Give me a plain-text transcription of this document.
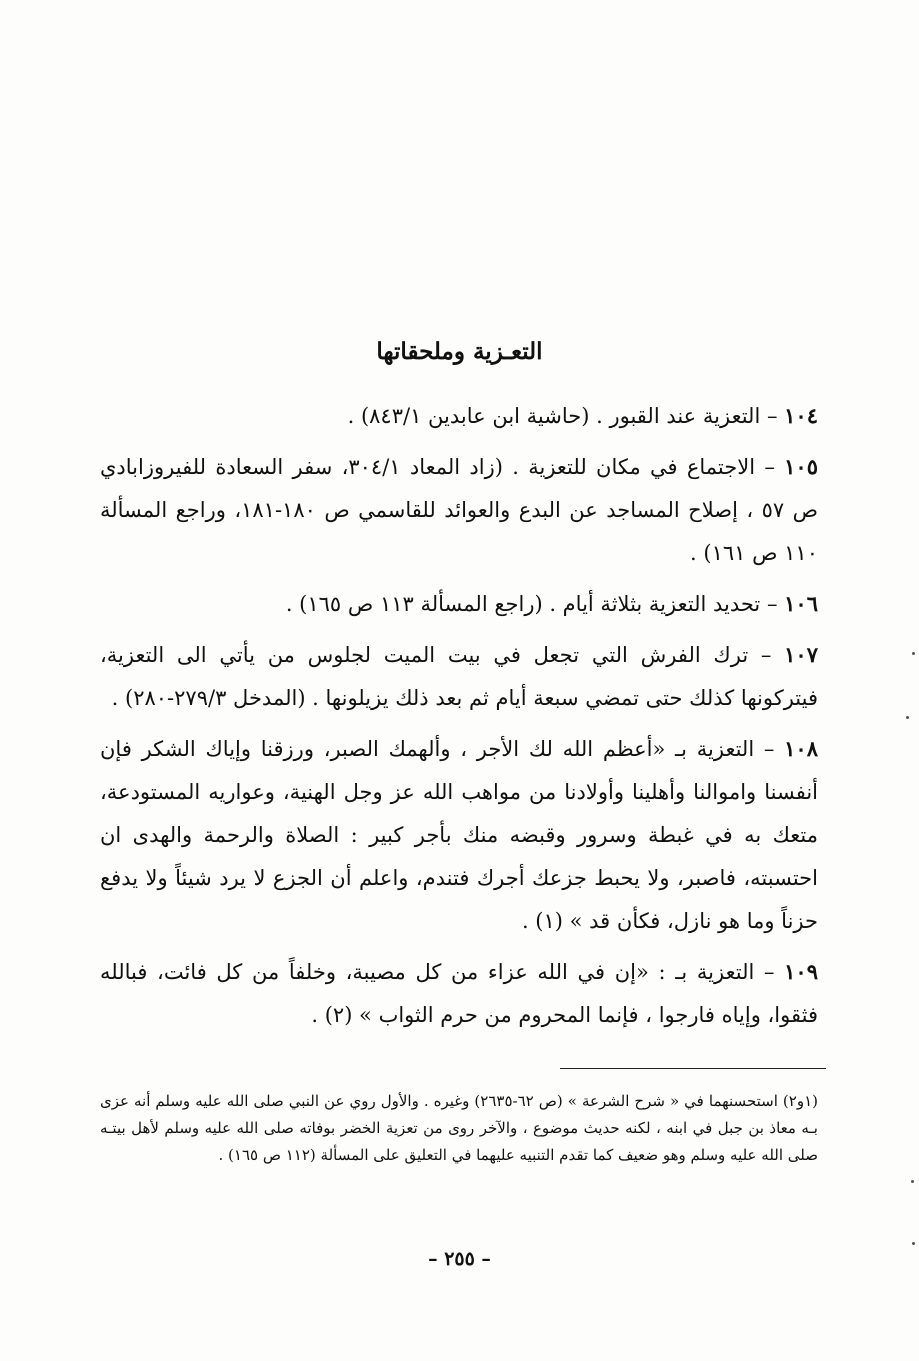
التعـزية وملحقاتها

١٠٤ – التعزية عند القبور . (حاشية ابن عابدين ٨٤٣/١) .

١٠٥ – الاجتماع في مكان للتعزية . (زاد المعاد ٣٠٤/١، سفر السعادة للفيروزابادي ص ٥٧ ، إصلاح المساجد عن البدع والعوائد للقاسمي ص ١٨٠-١٨١، وراجع المسألة ١١٠ ص ١٦١) .

١٠٦ – تحديد التعزية بثلاثة أيام . (راجع المسألة ١١٣ ص ١٦٥) .

١٠٧ – ترك الفرش التي تجعل في بيت الميت لجلوس من يأتي الى التعزية، فيتركونها كذلك حتى تمضي سبعة أيام ثم بعد ذلك يزيلونها . (المدخل ٢٧٩/٣-٢٨٠) .

١٠٨ – التعزية بـ «أعظم الله لك الأجر ، وألهمك الصبر، ورزقنا وإياك الشكر فإن أنفسنا واموالنا وأهلينا وأولادنا من مواهب الله عز وجل الهنية، وعواريه المستودعة، متعك به في غبطة وسرور وقبضه منك بأجر كبير : الصلاة والرحمة والهدى ان احتسبته، فاصبر، ولا يحبط جزعك أجرك فتندم، واعلم أن الجزع لا يرد شيئاً ولا يدفع حزناً وما هو نازل، فكأن قد » (١) .

١٠٩ – التعزية بـ : «إن في الله عزاء من كل مصيبة، وخلفاً من كل فائت، فبالله فثقوا، وإياه فارجوا ، فإنما المحروم من حرم الثواب » (٢) .

(١و٢) استحسنهما في « شرح الشرعة » (ص ٦٢-٢٦٣٥) وغيره . والأول روي عن النبي صلى الله عليه وسلم أنه عزى بـه معاذ بن جبل في ابنه ، لكنه حديث موضوع ، والآخر روى من تعزية الخضر بوفاته صلى الله عليه وسلم لأهل بيتـه صلى الله عليه وسلم وهو ضعيف كما تقدم التنبيه عليهما في التعليق على المسألة (١١٢ ص ١٦٥) .

– ٢٥٥ –
